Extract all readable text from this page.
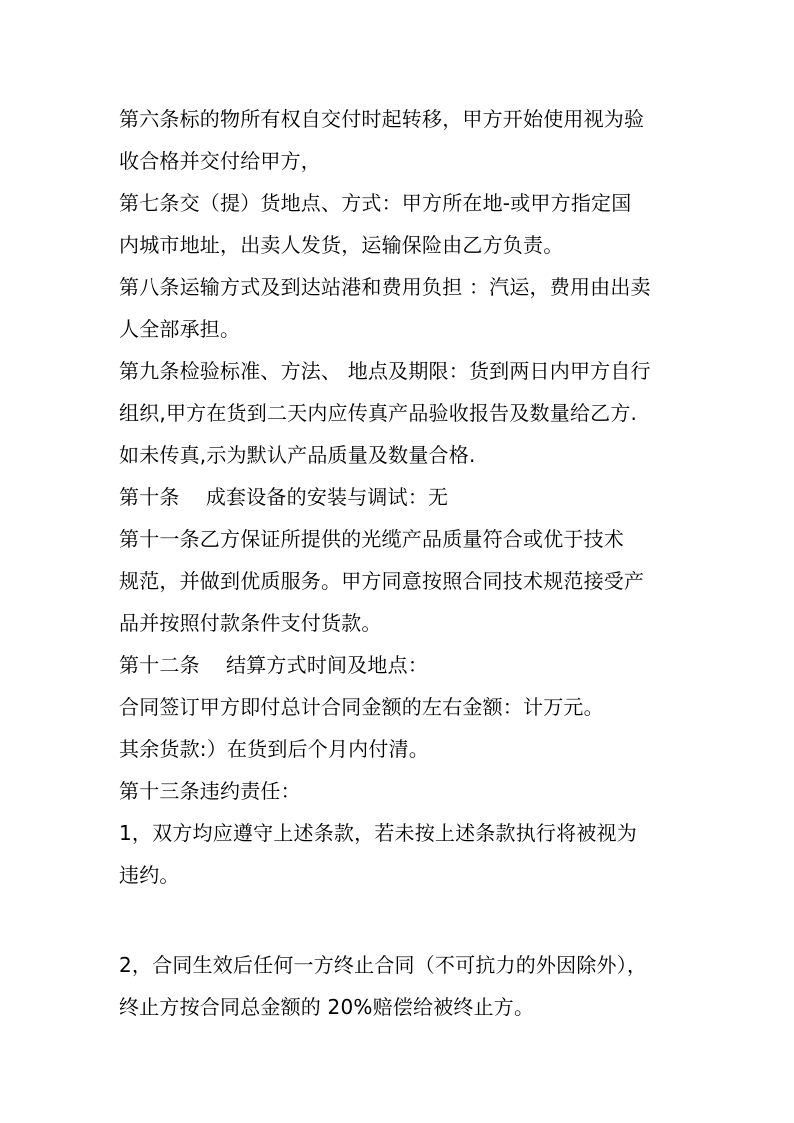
第六条标的物所有权自交付时起转移，甲方开始使用视为验
收合格并交付给甲方，
第七条交（提）货地点、方式：甲方所在地-或甲方指定国
内城市地址，出卖人发货，运输保险由乙方负责。
第八条运输方式及到达站港和费用负担 ：汽运，费用由出卖
人全部承担。
第九条检验标准、方法、 地点及期限：货到两日内甲方自行
组织,甲方在货到二天内应传真产品验收报告及数量给乙方.
如未传真,示为默认产品质量及数量合格.
第十条    成套设备的安装与调试：无
第十一条乙方保证所提供的光缆产品质量符合或优于技术
规范，并做到优质服务。甲方同意按照合同技术规范接受产
品并按照付款条件支付货款。
第十二条    结算方式时间及地点：
合同签订甲方即付总计合同金额的左右金额：计万元。
其余货款:）在货到后个月内付清。
第十三条违约责任：
1，双方均应遵守上述条款，若未按上述条款执行将被视为
违约。
2，合同生效后任何一方终止合同（不可抗力的外因除外），
终止方按合同总金额的 20%赔偿给被终止方。
